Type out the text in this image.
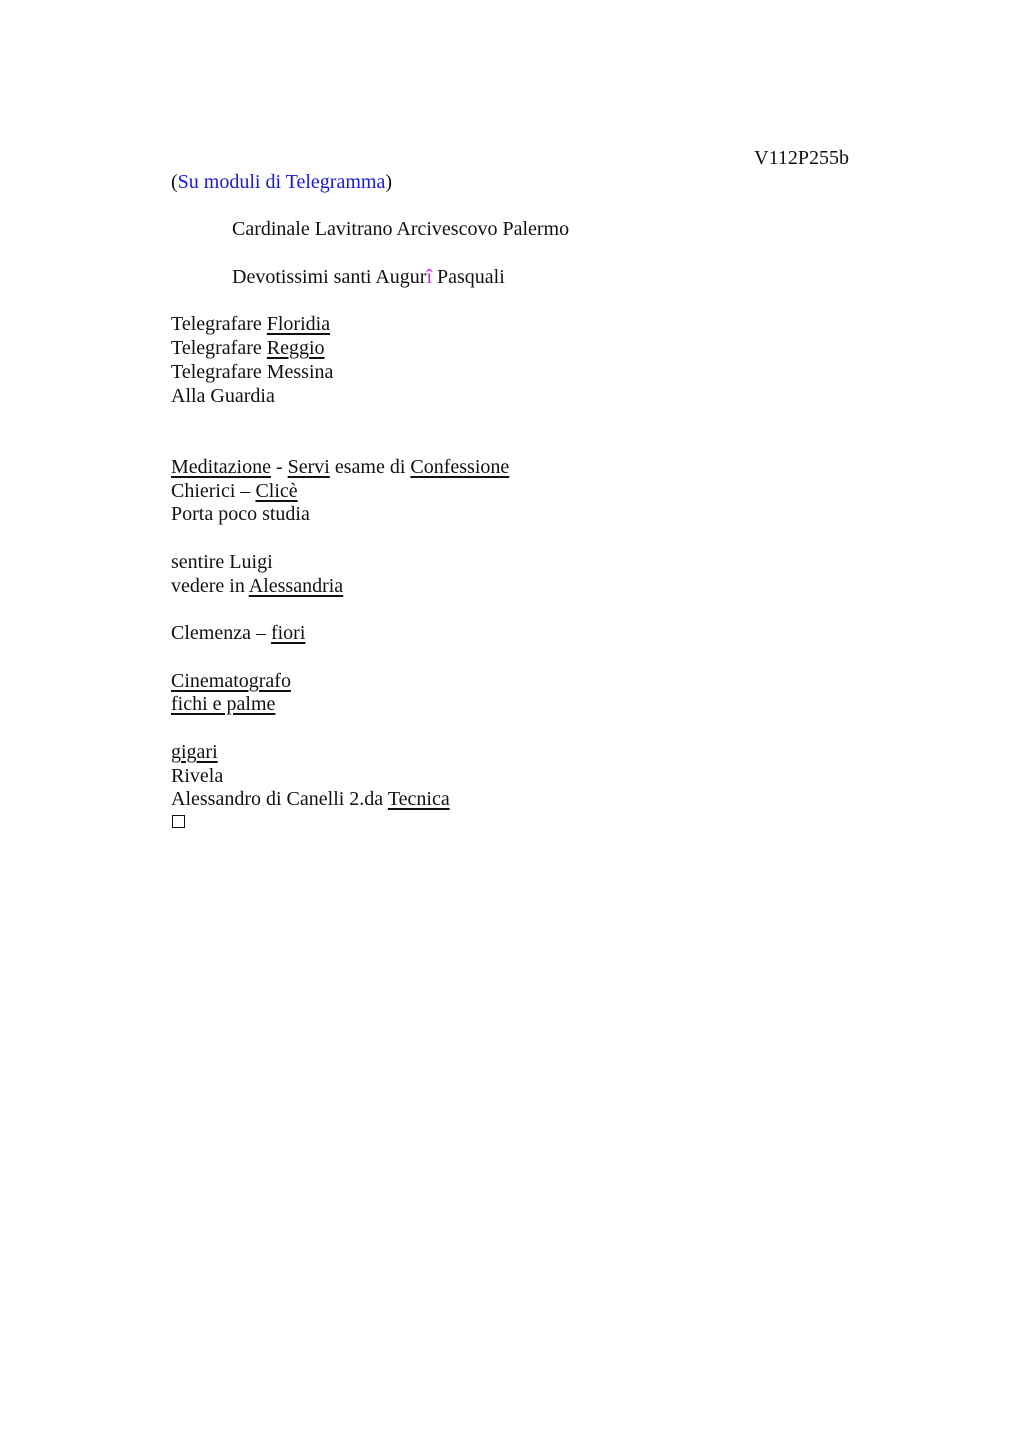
V112P255b
(Su moduli di Telegramma)
Cardinale Lavitrano Arcivescovo Palermo
Devotissimi santi Augurî Pasquali
Telegrafare Floridia
Telegrafare Reggio
Telegrafare Messina
Alla Guardia
Meditazione - Servi esame di Confessione
Chierici – Clicè
Porta poco studia
sentire Luigi
vedere in Alessandria
Clemenza – fiori
Cinematografo
fichi e palme
gigari
Rivela
Alessandro di Canelli 2.da Tecnica
